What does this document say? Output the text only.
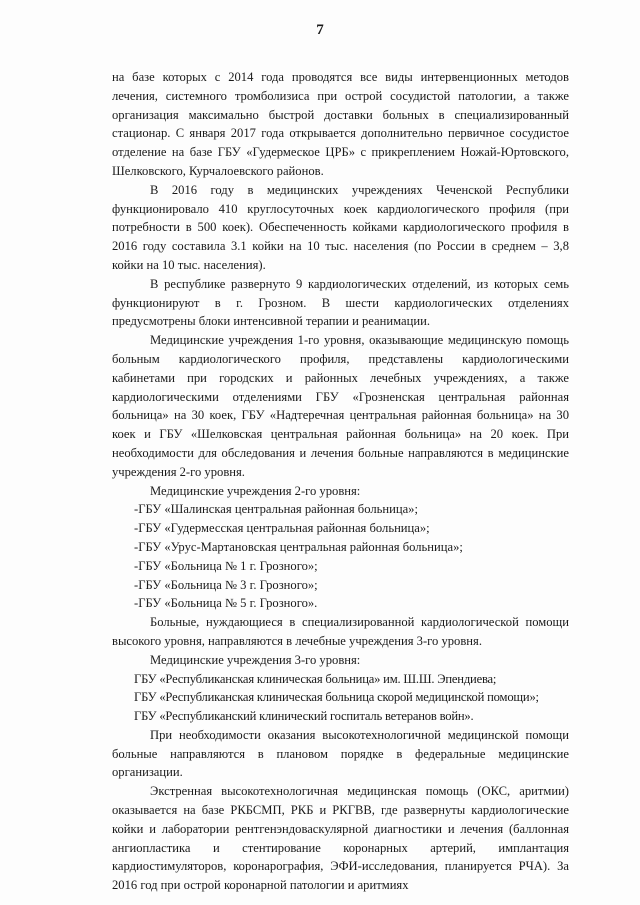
7

на базе которых с 2014 года проводятся все виды интервенционных методов лечения, системного тромболизиса при острой сосудистой патологии, а также организация максимально быстрой доставки больных в специализированный стационар. С января 2017 года открывается дополнительно первичное сосудистое отделение на базе ГБУ «Гудермеское ЦРБ» с прикреплением Ножай-Юртовского, Шелковского, Курчалоевского районов.

В 2016 году в медицинских учреждениях Чеченской Республики функционировало 410 круглосуточных коек кардиологического профиля (при потребности в 500 коек). Обеспеченность койками кардиологического профиля в 2016 году составила 3.1 койки на 10 тыс. населения (по России в среднем – 3,8 койки на 10 тыс. населения).

В республике развернуто 9 кардиологических отделений, из которых семь функционируют в г. Грозном. В шести кардиологических отделениях предусмотрены блоки интенсивной терапии и реанимации.

Медицинские учреждения 1-го уровня, оказывающие медицинскую помощь больным кардиологического профиля, представлены кардиологическими кабинетами при городских и районных лечебных учреждениях, а также кардиологическими отделениями ГБУ «Грозненская центральная районная больница» на 30 коек, ГБУ «Надтеречная центральная районная больница» на 30 коек и ГБУ «Шелковская центральная районная больница» на 20 коек. При необходимости для обследования и лечения больные направляются в медицинские учреждения 2-го уровня.

Медицинские учреждения 2-го уровня:

-ГБУ «Шалинская центральная районная больница»;

-ГБУ «Гудермесская центральная районная больница»;

-ГБУ «Урус-Мартановская центральная районная больница»;

-ГБУ «Больница № 1 г. Грозного»;

-ГБУ «Больница № 3 г. Грозного»;

-ГБУ «Больница № 5 г. Грозного».

Больные, нуждающиеся в специализированной кардиологической помощи высокого уровня, направляются в лечебные учреждения 3-го уровня.

Медицинские учреждения 3-го уровня:

ГБУ «Республиканская клиническая больница» им. Ш.Ш. Эпендиева;

ГБУ «Республиканская клиническая больница скорой медицинской помощи»;

ГБУ «Республиканский клинический госпиталь ветеранов войн».

При необходимости оказания высокотехнологичной медицинской помощи больные направляются в плановом порядке в федеральные медицинские организации.

Экстренная высокотехнологичная медицинская помощь (ОКС, аритмии) оказывается на базе РКБСМП, РКБ и РКГВВ, где развернуты кардиологические койки и лаборатории рентгенэндоваскулярной диагностики и лечения (баллонная ангиопластика и стентирование коронарных артерий, имплантация кардиостимуляторов, коронарография, ЭФИ-исследования, планируется РЧА). За 2016 год при острой коронарной патологии и аритмиях
